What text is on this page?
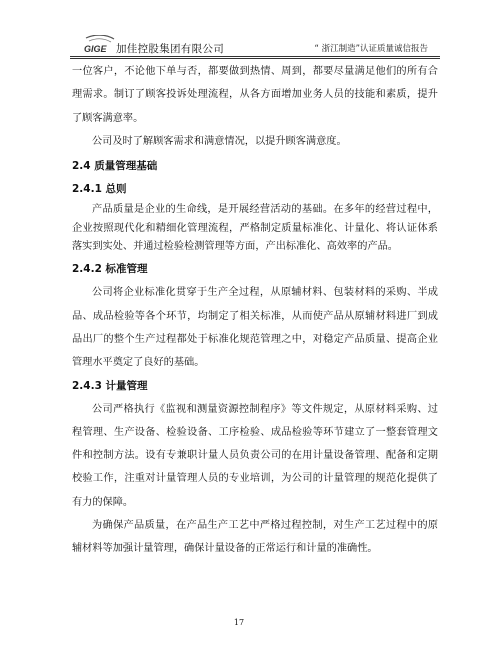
GIGE 加佳控股集团有限公司	“ 浙江制造”认证质量诚信报告

一位客户，不论他下单与否，都要做到热情、周到，都要尽量满足他们的所有合理需求。制订了顾客投诉处理流程，从各方面增加业务人员的技能和素质，提升了顾客满意率。

公司及时了解顾客需求和满意情况，以提升顾客满意度。

2.4 质量管理基础
2.4.1 总则

产品质量是企业的生命线，是开展经营活动的基础。在多年的经营过程中，企业按照现代化和精细化管理流程，严格制定质量标准化、计量化、将认证体系落实到实处、并通过检验检测管理等方面，产出标准化、高效率的产品。

2.4.2 标准管理

公司将企业标准化贯穿于生产全过程，从原辅材料、包装材料的采购、半成品、成品检验等各个环节，均制定了相关标准，从而使产品从原辅材料进厂到成品出厂的整个生产过程都处于标准化规范管理之中，对稳定产品质量、提高企业管理水平奠定了良好的基础。

2.4.3 计量管理

公司严格执行《监视和测量资源控制程序》等文件规定，从原材料采购、过程管理、生产设备、检验设备、工序检验、成品检验等环节建立了一整套管理文件和控制方法。设有专兼职计量人员负责公司的在用计量设备管理、配备和定期校验工作，注重对计量管理人员的专业培训，为公司的计量管理的规范化提供了有力的保障。

为确保产品质量，在产品生产工艺中严格过程控制，对生产工艺过程中的原辅材料等加强计量管理，确保计量设备的正常运行和计量的准确性。

17
